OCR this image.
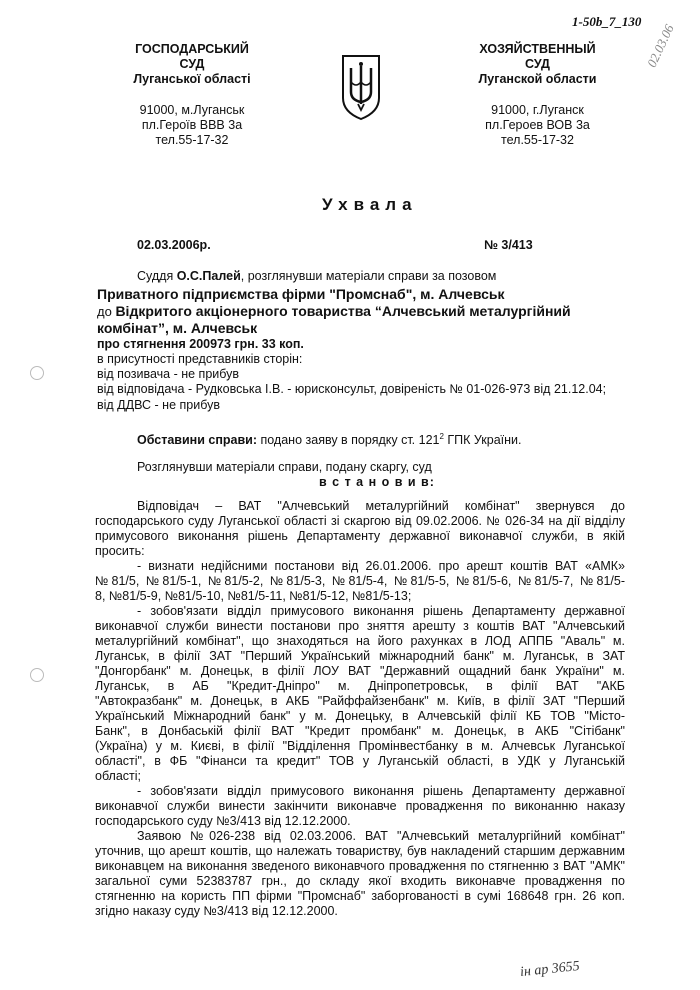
1-50b_7_130
02.03.06
ГОСПОДАРСЬКИЙ
СУД
Луганської області
91000, м.Луганськ
пл.Героїв ВВВ 3а
тел.55-17-32
ХОЗЯЙСТВЕННЫЙ
СУД
Луганской области
91000, г.Луганск
пл.Героев ВОВ 3а
тел.55-17-32
Ухвала
02.03.2006р.	№ 3/413
Суддя О.С.Палей, розглянувши матеріали справи за позовом
Приватного підприємства фірми "Промснаб", м. Алчевськ
до Відкритого акціонерного товариства “Алчевський металургійний
комбінат”, м. Алчевськ
про стягнення 200973 грн. 33 коп.
в присутності представників сторін:
від позивача - не прибув
від відповідача - Рудковська І.В. - юрисконсульт, довіреність № 01-026-973 від 21.12.04;
від ДДВС - не прибув
Обставини справи: подано заяву в порядку ст. $121^2$ ГПК України.
Розглянувши матеріали справи, подану скаргу, суд
в с т а н о в и в:
Відповідач – ВАТ "Алчевський металургійний комбінат" звернувся до
господарського суду Луганської області зі скаргою від 09.02.2006. № 026-34 на дії відділу
примусового виконання рішень Департаменту державної виконавчої служби, в якій
просить:
- визнати недійсними постанови від 26.01.2006. про арешт коштів ВАТ «АМК»
№81/5, №81/5-1, №81/5-2, №81/5-3, №81/5-4, №81/5-5, №81/5-6, №81/5-7, №81/5-
8, №81/5-9, №81/5-10, №81/5-11, №81/5-12, №81/5-13;
- зобов'язати відділ примусового виконання рішень Департаменту державної
виконавчої служби винести постанови про зняття арешту з коштів ВАТ "Алчевський
металургійний комбінат", що знаходяться на його рахунках в ЛОД АППБ "Аваль" м.
Луганськ, в філії ЗАТ "Перший Український міжнародний банк" м. Луганськ, в ЗАТ
"Донгорбанк" м. Донецьк, в філії ЛОУ ВАТ "Державний ощадний банк України" м.
Луганськ, в АБ "Кредит-Дніпро" м. Дніпропетровськ, в філії ВАТ "АКБ
"Автокразбанк" м. Донецьк, в АКБ "Райффайзенбанк" м. Київ, в філії ЗАТ "Перший
Український Міжнародний банк" у м. Донецьку, в Алчевській філії КБ ТОВ "Місто-
Банк", в Донбаській філії ВАТ "Кредит промбанк" м. Донецьк, в АКБ "Сітібанк"
(Україна) у м. Києві, в філії "Відділення Промінвестбанку в м. Алчевськ Луганської
області", в ФБ "Фінанси та кредит" ТОВ у Луганській області, в УДК у Луганській
області;
- зобов'язати відділ примусового виконання рішень Департаменту державної
виконавчої служби винести закінчити виконавче провадження по виконанню наказу
господарського суду №3/413 від 12.12.2000.
Заявою №026-238 від 02.03.2006. ВАТ "Алчевський металургійний комбінат"
уточнив, що арешт коштів, що належать товариству, був накладений старшим державним
виконавцем на виконання зведеного виконавчого провадження по стягненню з ВАТ "АМК"
загальної суми 52383787 грн., до складу якої входить виконавче провадження по
стягненню на користь ПП фірми "Промснаб" заборгованості в сумі 168648 грн. 26 коп.
згідно наказу суду №3/413 від 12.12.2000.
ін ар 3655
